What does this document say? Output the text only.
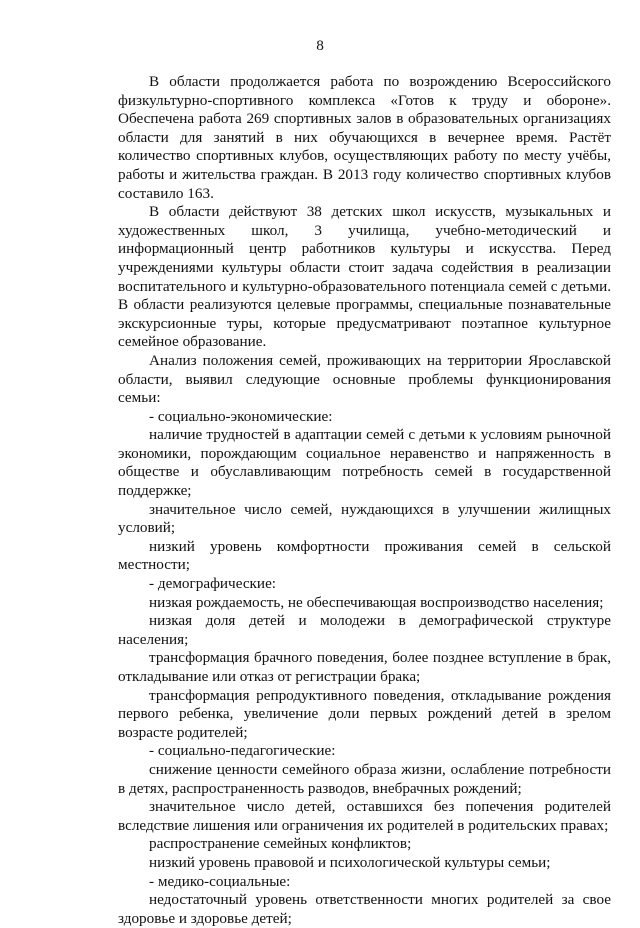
8

В области продолжается работа по возрождению Всероссийского физкультурно-спортивного комплекса «Готов к труду и обороне». Обеспечена работа 269 спортивных залов в образовательных организациях области для занятий в них обучающихся в вечернее время. Растёт количество спортивных клубов, осуществляющих работу по месту учёбы, работы и жительства граждан. В 2013 году количество спортивных клубов составило 163.

В области действуют 38 детских школ искусств, музыкальных и художественных школ, 3 училища, учебно-методический и информационный центр работников культуры и искусства. Перед учреждениями культуры области стоит задача содействия в реализации воспитательного и культурно-образовательного потенциала семей с детьми. В области реализуются целевые программы, специальные познавательные экскурсионные туры, которые предусматривают поэтапное культурное семейное образование.

Анализ положения семей, проживающих на территории Ярославской области, выявил следующие основные проблемы функционирования семьи:

- социально-экономические:

наличие трудностей в адаптации семей с детьми к условиям рыночной экономики, порождающим социальное неравенство и напряженность в обществе и обуславливающим потребность семей в государственной поддержке;

значительное число семей, нуждающихся в улучшении жилищных условий;

низкий уровень комфортности проживания семей в сельской местности;

- демографические:

низкая рождаемость, не обеспечивающая воспроизводство населения;

низкая доля детей и молодежи в демографической структуре населения;

трансформация брачного поведения, более позднее вступление в брак, откладывание или отказ от регистрации брака;

трансформация репродуктивного поведения, откладывание рождения первого ребенка, увеличение доли первых рождений детей в зрелом возрасте родителей;

- социально-педагогические:

снижение ценности семейного образа жизни, ослабление потребности в детях, распространенность разводов, внебрачных рождений;

значительное число детей, оставшихся без попечения родителей вследствие лишения или ограничения их родителей в родительских правах;

распространение семейных конфликтов;

низкий уровень правовой и психологической культуры семьи;

- медико-социальные:

недостаточный уровень ответственности многих родителей за свое здоровье и здоровье детей;
